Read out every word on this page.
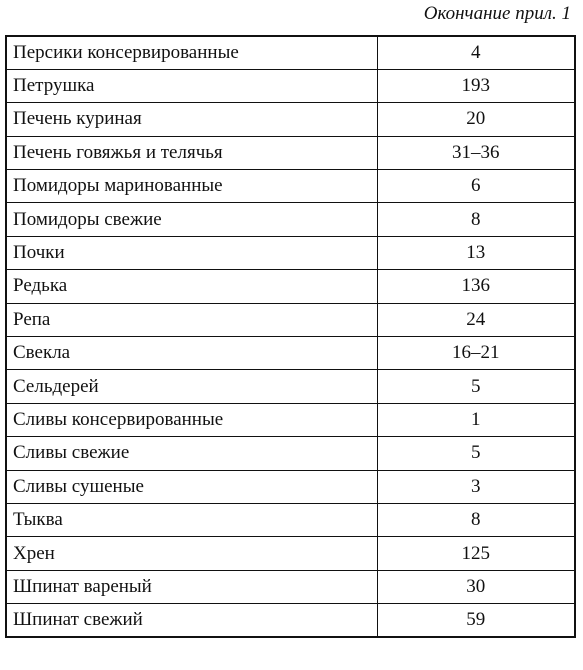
Окончание прил. 1
Персики консервированные	4
Петрушка	193
Печень куриная	20
Печень говяжья и телячья	31–36
Помидоры маринованные	6
Помидоры свежие	8
Почки	13
Редька	136
Репа	24
Свекла	16–21
Сельдерей	5
Сливы консервированные	1
Сливы свежие	5
Сливы сушеные	3
Тыква	8
Хрен	125
Шпинат вареный	30
Шпинат свежий	59
